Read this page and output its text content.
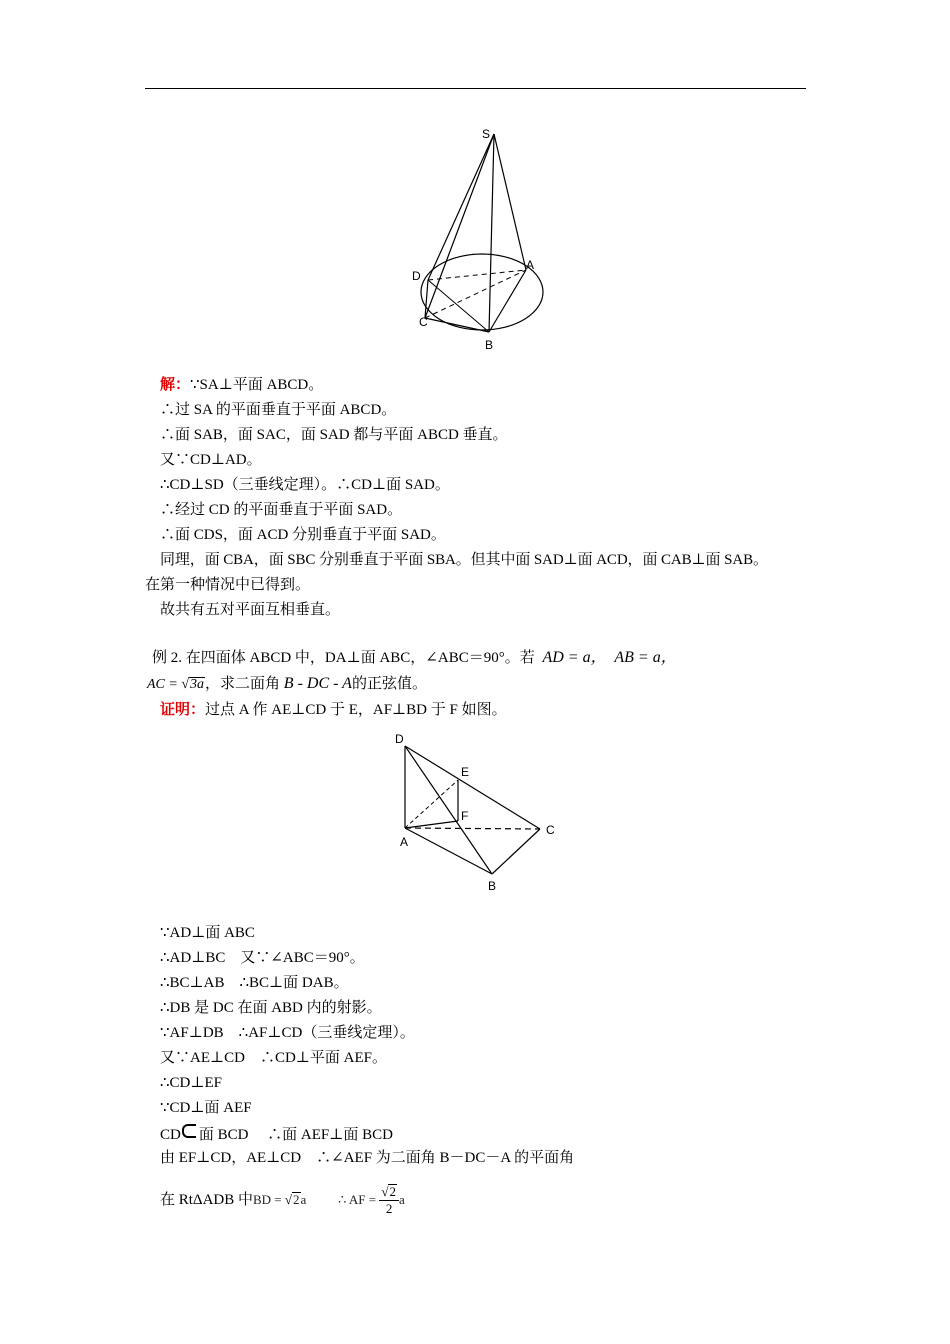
S
A
B
C
D
解：∵SA⊥平面 ABCD。
∴过 SA 的平面垂直于平面 ABCD。
∴面 SAB，面 SAC，面 SAD 都与平面 ABCD 垂直。
又∵CD⊥AD。
∴CD⊥SD（三垂线定理）。∴CD⊥面 SAD。
∴经过 CD 的平面垂直于平面 SAD。
∴面 CDS，面 ACD 分别垂直于平面 SAD。
同理，面 CBA，面 SBC 分别垂直于平面 SBA。但其中面 SAD⊥面 ACD，面 CAB⊥面 SAB。
在第一种情况中已得到。
故共有五对平面互相垂直。
例 2. 在四面体 ABCD 中，DA⊥面 ABC，∠ABC＝90°。若 AD = a， AB = a，
AC = √3a，求二面角 B - DC - A的正弦值。
证明：过点 A 作 AE⊥CD 于 E，AF⊥BD 于 F 如图。
D
E
F
A
B
C
∵AD⊥面 ABC
∴AD⊥BC　又∵∠ABC＝90°。
∴BC⊥AB　∴BC⊥面 DAB。
∴DB 是 DC 在面 ABD 内的射影。
∵AF⊥DB　∴AF⊥CD（三垂线定理）。
又∵AE⊥CD　∴CD⊥平面 AEF。
∴CD⊥EF
∵CD⊥面 AEF
CD 面 BCD　 ∴面 AEF⊥面 BCD
由 EF⊥CD，AE⊥CD　∴∠AEF 为二面角 B－DC－A 的平面角
在 RtΔADB 中BD = √2a ∴ AF = $\frac{√2}{2}$ a
